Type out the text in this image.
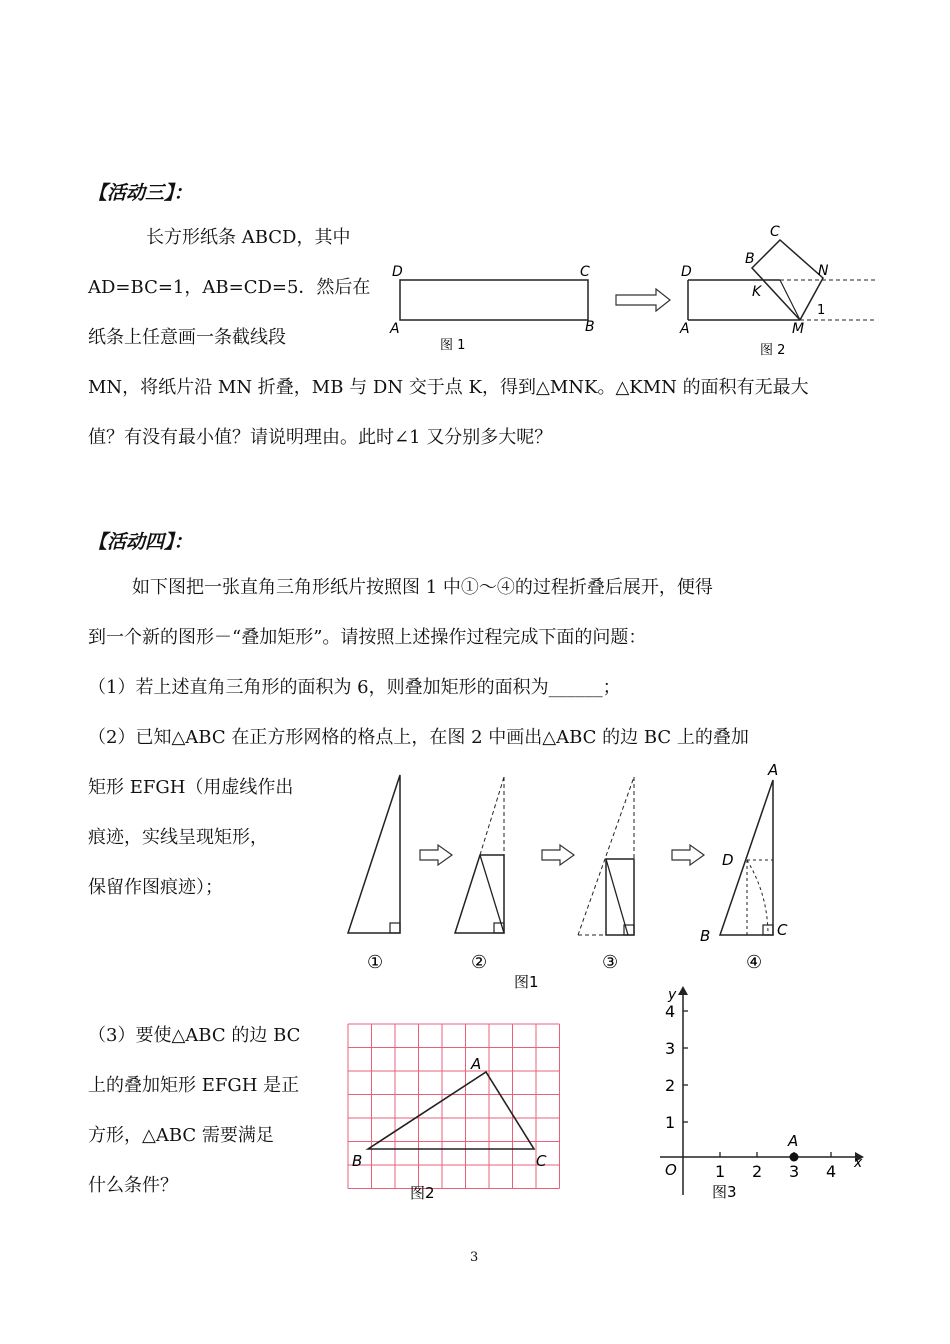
【活动三】：
长方形纸条 ABCD，其中
AD=BC=1，AB=CD=5．然后在
纸条上任意画一条截线段
MN，将纸片沿 MN 折叠，MB 与 DN 交于点 K，得到△MNK。△KMN 的面积有无最大
值？有没有最小值？请说明理由。此时∠1 又分别多大呢？
D	C
A	B
图 1
C
B
N
D
K
1
A	M
图 2
【活动四】：
如下图把一张直角三角形纸片按照图 1 中①～④的过程折叠后展开，便得
到一个新的图形－“叠加矩形”。请按照上述操作过程完成下面的问题：
（1）若上述直角三角形的面积为 6，则叠加矩形的面积为______；
（2）已知△ABC 在正方形网格的格点上，在图 2 中画出△ABC 的边 BC 上的叠加
矩形 EFGH（用虚线作出
痕迹，实线呈现矩形，
保留作图痕迹）；
①	②	③
A
D
B	C
④
图1
（3）要使△ABC 的边 BC
上的叠加矩形 EFGH 是正
方形，△ABC 需要满足
什么条件？
A
B	C
图2
1 2 3 4
1
2
3
4
O	x
y
A
图3
3
